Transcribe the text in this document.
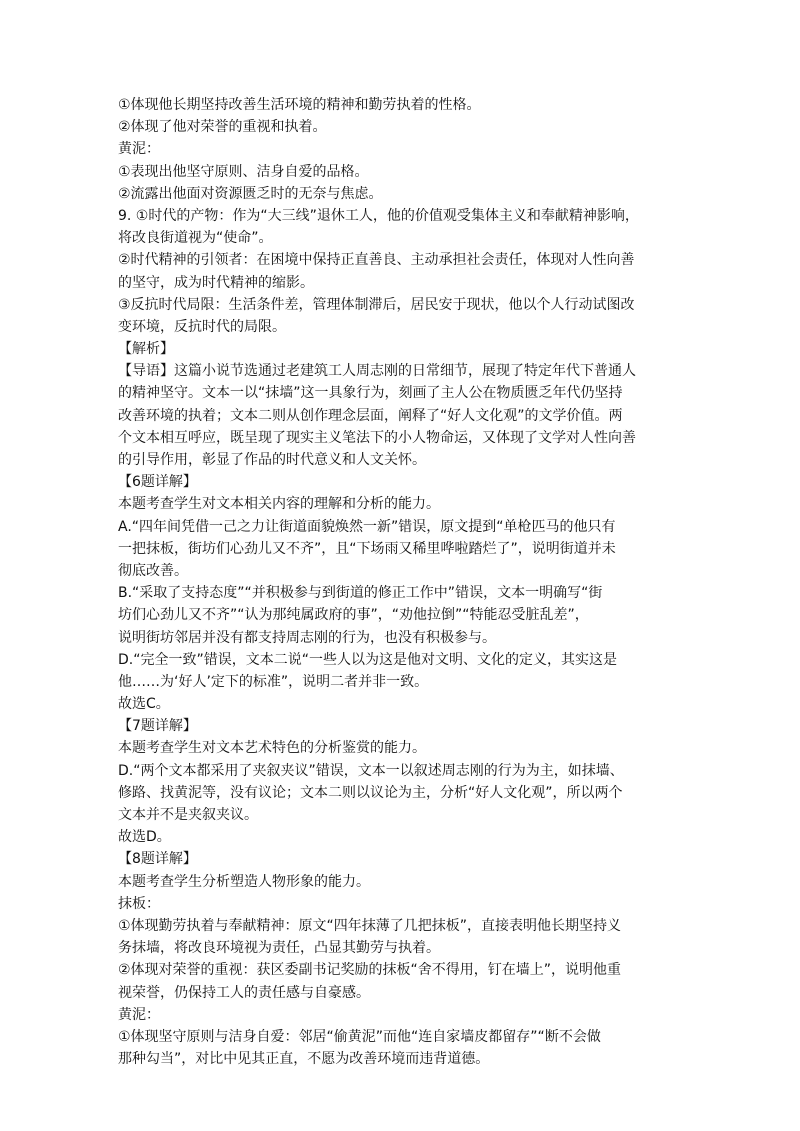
①体现他长期坚持改善生活环境的精神和勤劳执着的性格。
②体现了他对荣誉的重视和执着。
黄泥：
①表现出他坚守原则、洁身自爱的品格。
②流露出他面对资源匮乏时的无奈与焦虑。
9. ①时代的产物：作为“大三线”退休工人，他的价值观受集体主义和奉献精神影响，
将改良街道视为“使命”。
②时代精神的引领者：在困境中保持正直善良、主动承担社会责任，体现对人性向善
的坚守，成为时代精神的缩影。
③反抗时代局限：生活条件差，管理体制滞后，居民安于现状，他以个人行动试图改
变环境，反抗时代的局限。
【解析】
【导语】这篇小说节选通过老建筑工人周志刚的日常细节，展现了特定年代下普通人
的精神坚守。文本一以“抹墙”这一具象行为，刻画了主人公在物质匮乏年代仍坚持
改善环境的执着；文本二则从创作理念层面，阐释了“好人文化观”的文学价值。两
个文本相互呼应，既呈现了现实主义笔法下的小人物命运，又体现了文学对人性向善
的引导作用，彰显了作品的时代意义和人文关怀。
【6题详解】
本题考查学生对文本相关内容的理解和分析的能力。
A.“四年间凭借一己之力让街道面貌焕然一新”错误，原文提到“单枪匹马的他只有
一把抹板，街坊们心劲儿又不齐”，且“下场雨又稀里哗啦踏烂了”，说明街道并未
彻底改善。
B.“采取了支持态度”“并积极参与到街道的修正工作中”错误，文本一明确写“街
坊们心劲儿又不齐”“认为那纯属政府的事”，“劝他拉倒”“特能忍受脏乱差”，
说明街坊邻居并没有都支持周志刚的行为，也没有积极参与。
D.“完全一致”错误，文本二说“一些人以为这是他对文明、文化的定义，其实这是
他……为‘好人’定下的标准”，说明二者并非一致。
故选C。
【7题详解】
本题考查学生对文本艺术特色的分析鉴赏的能力。
D.“两个文本都采用了夹叙夹议”错误，文本一以叙述周志刚的行为为主，如抹墙、
修路、找黄泥等，没有议论；文本二则以议论为主，分析“好人文化观”，所以两个
文本并不是夹叙夹议。
故选D。
【8题详解】
本题考查学生分析塑造人物形象的能力。
抹板：
①体现勤劳执着与奉献精神：原文“四年抹薄了几把抹板”，直接表明他长期坚持义
务抹墙，将改良环境视为责任，凸显其勤劳与执着。
②体现对荣誉的重视：获区委副书记奖励的抹板“舍不得用，钉在墙上”，说明他重
视荣誉，仍保持工人的责任感与自豪感。
黄泥：
①体现坚守原则与洁身自爱：邻居“偷黄泥”而他“连自家墙皮都留存”“断不会做
那种勾当”，对比中见其正直，不愿为改善环境而违背道德。
